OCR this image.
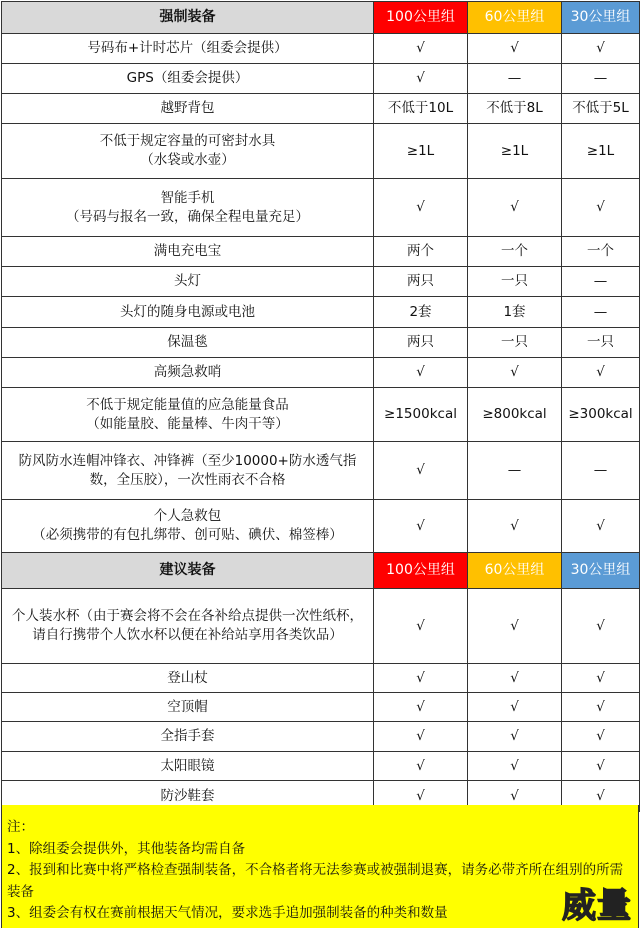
强制装备	100公里组	60公里组	30公里组
号码布+计时芯片（组委会提供）	√	√	√
GPS（组委会提供）	√	—	—
越野背包	不低于10L	不低于8L	不低于5L

不低于规定容量的可密封水具
（水袋或水壶）	≥1L	≥1L	≥1L

智能手机
（号码与报名一致，确保全程电量充足）	√	√	√
满电充电宝	两个	一个	一个
头灯	两只	一只	—
头灯的随身电源或电池	2套	1套	—
保温毯	两只	一只	一只
高频急救哨	√	√	√

不低于规定能量值的应急能量食品
（如能量胶、能量棒、牛肉干等）	≥1500kcal	≥800kcal	≥300kcal
防风防水连帽冲锋衣、冲锋裤（至少10000+防水透气指数，全压胶），一次性雨衣不合格	√	—	—

个人急救包
（必须携带的有包扎绑带、创可贴、碘伏、棉签棒）	√	√	√
建议装备	100公里组	60公里组	30公里组
个人装水杯（由于赛会将不会在各补给点提供一次性纸杯，请自行携带个人饮水杯以便在补给站享用各类饮品）	√	√	√
登山杖	√	√	√
空顶帽	√	√	√
全指手套	√	√	√
太阳眼镜	√	√	√
防沙鞋套	√	√	√

注：

1、除组委会提供外，其他装备均需自备

2、报到和比赛中将严格检查强制装备，不合格者将无法参赛或被强制退赛，请务必带齐所在组别的所需装备

3、组委会有权在赛前根据天气情况，要求选手追加强制装备的种类和数量	威量
